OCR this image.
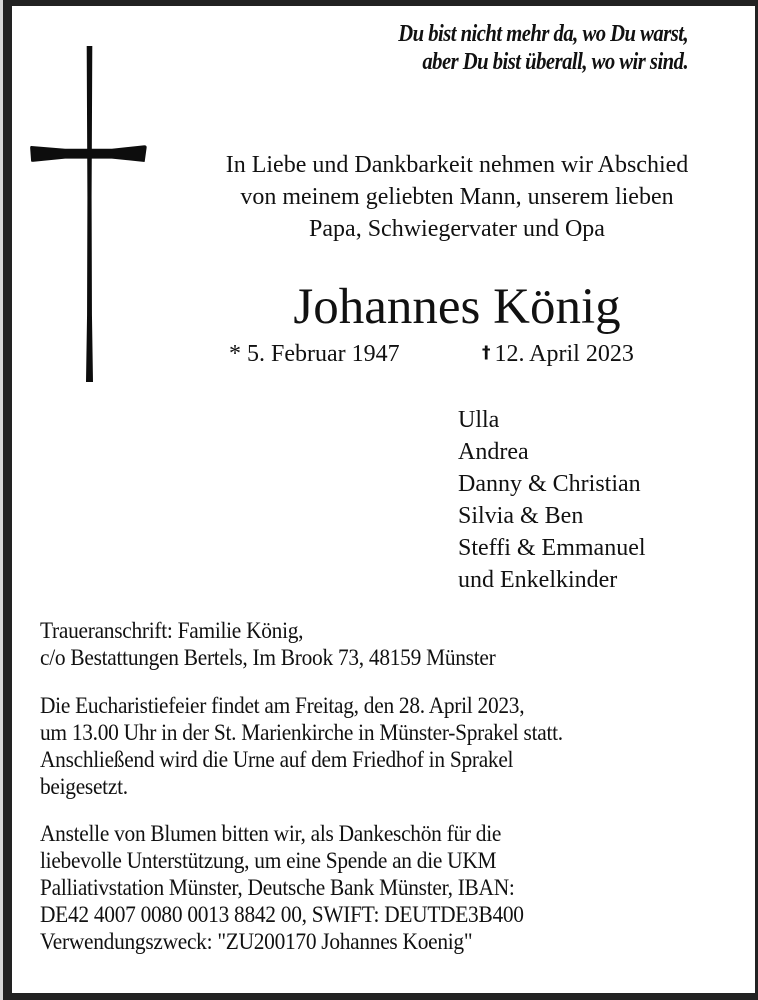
Du bist nicht mehr da, wo Du warst,
aber Du bist überall, wo wir sind.
In Liebe und Dankbarkeit nehmen wir Abschied
von meinem geliebten Mann, unserem lieben
Papa, Schwiegervater und Opa
Johannes König
* 5. Februar 1947	† 12. April 2023
Ulla
Andrea
Danny & Christian
Silvia & Ben
Steffi & Emmanuel
und Enkelkinder
Traueranschrift: Familie König,
c/o Bestattungen Bertels, Im Brook 73, 48159 Münster
Die Eucharistiefeier findet am Freitag, den 28. April 2023,
um 13.00 Uhr in der St. Marienkirche in Münster-Sprakel statt.
Anschließend wird die Urne auf dem Friedhof in Sprakel
beigesetzt.
Anstelle von Blumen bitten wir, als Dankeschön für die
liebevolle Unterstützung, um eine Spende an die UKM
Palliativstation Münster, Deutsche Bank Münster, IBAN:
DE42 4007 0080 0013 8842 00, SWIFT: DEUTDE3B400
Verwendungszweck: "ZU200170 Johannes Koenig"
